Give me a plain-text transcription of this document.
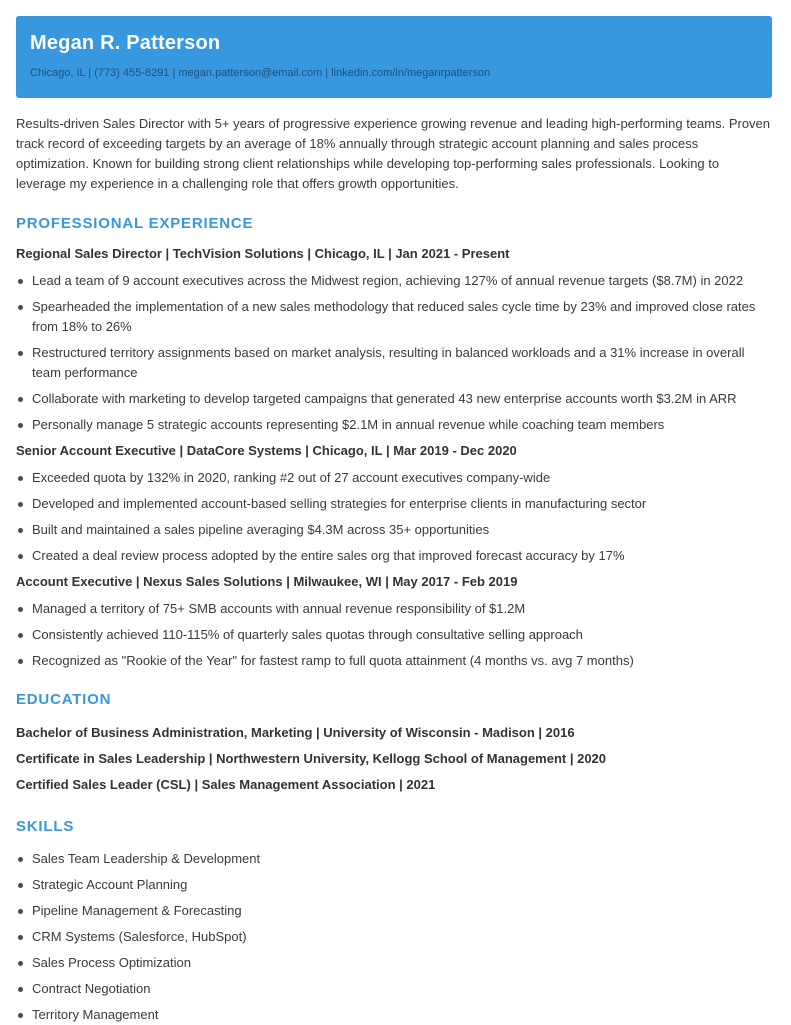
Megan R. Patterson
Chicago, IL | (773) 455-8291 | megan.patterson@email.com | linkedin.com/in/meganrpatterson

Results-driven Sales Director with 5+ years of progressive experience growing revenue and leading high-performing teams. Proven track record of exceeding targets by an average of 18% annually through strategic account planning and sales process optimization. Known for building strong client relationships while developing top-performing sales professionals. Looking to leverage my experience in a challenging role that offers growth opportunities.

PROFESSIONAL EXPERIENCE
Regional Sales Director | TechVision Solutions | Chicago, IL | Jan 2021 - Present
Lead a team of 9 account executives across the Midwest region, achieving 127% of annual revenue targets ($8.7M) in 2022
Spearheaded the implementation of a new sales methodology that reduced sales cycle time by 23% and improved close rates from 18% to 26%
Restructured territory assignments based on market analysis, resulting in balanced workloads and a 31% increase in overall team performance
Collaborate with marketing to develop targeted campaigns that generated 43 new enterprise accounts worth $3.2M in ARR
Personally manage 5 strategic accounts representing $2.1M in annual revenue while coaching team members
Senior Account Executive | DataCore Systems | Chicago, IL | Mar 2019 - Dec 2020
Exceeded quota by 132% in 2020, ranking #2 out of 27 account executives company-wide
Developed and implemented account-based selling strategies for enterprise clients in manufacturing sector
Built and maintained a sales pipeline averaging $4.3M across 35+ opportunities
Created a deal review process adopted by the entire sales org that improved forecast accuracy by 17%
Account Executive | Nexus Sales Solutions | Milwaukee, WI | May 2017 - Feb 2019
Managed a territory of 75+ SMB accounts with annual revenue responsibility of $1.2M
Consistently achieved 110-115% of quarterly sales quotas through consultative selling approach
Recognized as "Rookie of the Year" for fastest ramp to full quota attainment (4 months vs. avg 7 months)
EDUCATION
Bachelor of Business Administration, Marketing | University of Wisconsin - Madison | 2016
Certificate in Sales Leadership | Northwestern University, Kellogg School of Management | 2020
Certified Sales Leader (CSL) | Sales Management Association | 2021
SKILLS
Sales Team Leadership & Development
Strategic Account Planning
Pipeline Management & Forecasting
CRM Systems (Salesforce, HubSpot)
Sales Process Optimization
Contract Negotiation
Territory Management
